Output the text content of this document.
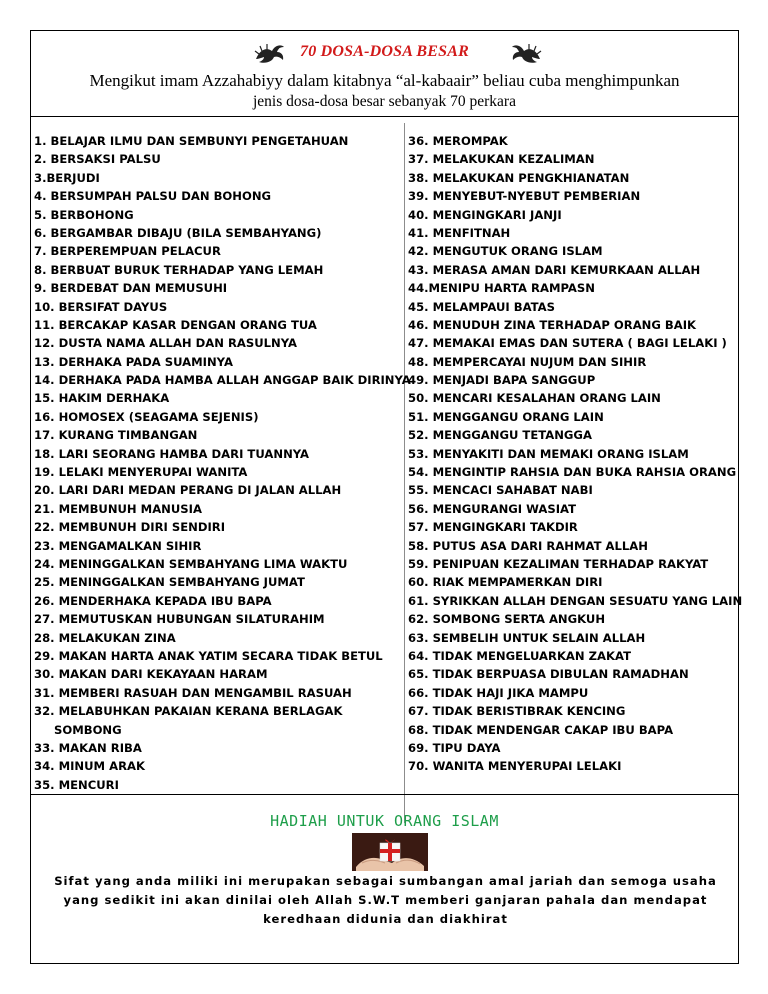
70 DOSA-DOSA BESAR
Mengikut imam Azzahabiyy dalam kitabnya “al-kabaair” beliau cuba menghimpunkan
jenis dosa-dosa besar sebanyak 70 perkara
1. BELAJAR ILMU DAN SEMBUNYI PENGETAHUAN
2. BERSAKSI PALSU
3.BERJUDI
4. BERSUMPAH PALSU DAN BOHONG
5. BERBOHONG
6. BERGAMBAR DIBAJU (BILA SEMBAHYANG)
7. BERPEREMPUAN PELACUR
8. BERBUAT BURUK TERHADAP YANG LEMAH
9. BERDEBAT DAN MEMUSUHI
10. BERSIFAT DAYUS
11. BERCAKAP KASAR DENGAN ORANG TUA
12. DUSTA NAMA ALLAH DAN RASULNYA
13. DERHAKA PADA SUAMINYA
14. DERHAKA PADA HAMBA ALLAH ANGGAP BAIK DIRINYA
15. HAKIM DERHAKA
16. HOMOSEX (SEAGAMA SEJENIS)
17. KURANG TIMBANGAN
18. LARI SEORANG HAMBA DARI TUANNYA
19. LELAKI MENYERUPAI WANITA
20. LARI DARI MEDAN PERANG DI JALAN ALLAH
21. MEMBUNUH MANUSIA
22. MEMBUNUH DIRI SENDIRI
23. MENGAMALKAN SIHIR
24. MENINGGALKAN SEMBAHYANG LIMA WAKTU
25. MENINGGALKAN SEMBAHYANG JUMAT
26. MENDERHAKA KEPADA IBU BAPA
27. MEMUTUSKAN HUBUNGAN SILATURAHIM
28. MELAKUKAN ZINA
29. MAKAN HARTA ANAK YATIM SECARA TIDAK BETUL
30. MAKAN DARI KEKAYAAN HARAM
31. MEMBERI RASUAH DAN MENGAMBIL RASUAH
32. MELABUHKAN PAKAIAN KERANA BERLAGAK
SOMBONG
33. MAKAN RIBA
34. MINUM ARAK
35. MENCURI
36. MEROMPAK
37. MELAKUKAN KEZALIMAN
38. MELAKUKAN PENGKHIANATAN
39. MENYEBUT-NYEBUT PEMBERIAN
40. MENGINGKARI JANJI
41. MENFITNAH
42. MENGUTUK ORANG ISLAM
43. MERASA AMAN DARI KEMURKAAN ALLAH
44.MENIPU HARTA RAMPASN
45. MELAMPAUI BATAS
46. MENUDUH ZINA TERHADAP ORANG BAIK
47. MEMAKAI EMAS DAN SUTERA ( BAGI LELAKI )
48. MEMPERCAYAI NUJUM DAN SIHIR
49. MENJADI BAPA SANGGUP
50. MENCARI KESALAHAN ORANG LAIN
51. MENGGANGU ORANG LAIN
52. MENGGANGU TETANGGA
53. MENYAKITI DAN MEMAKI ORANG ISLAM
54. MENGINTIP RAHSIA DAN BUKA RAHSIA ORANG
55. MENCACI SAHABAT NABI
56. MENGURANGI WASIAT
57. MENGINGKARI TAKDIR
58. PUTUS ASA DARI RAHMAT ALLAH
59. PENIPUAN KEZALIMAN TERHADAP RAKYAT
60. RIAK MEMPAMERKAN DIRI
61. SYRIKKAN ALLAH DENGAN SESUATU YANG LAIN
62. SOMBONG SERTA ANGKUH
63. SEMBELIH UNTUK SELAIN ALLAH
64. TIDAK MENGELUARKAN ZAKAT
65. TIDAK BERPUASA DIBULAN RAMADHAN
66. TIDAK HAJI JIKA MAMPU
67. TIDAK BERISTIBRAK KENCING
68. TIDAK MENDENGAR CAKAP IBU BAPA
69. TIPU DAYA
70. WANITA MENYERUPAI LELAKI
HADIAH UNTUK ORANG ISLAM
Sifat yang anda miliki ini merupakan sebagai sumbangan amal jariah dan semoga usaha
yang sedikit ini akan dinilai oleh Allah S.W.T memberi ganjaran pahala dan mendapat
keredhaan didunia dan diakhirat
